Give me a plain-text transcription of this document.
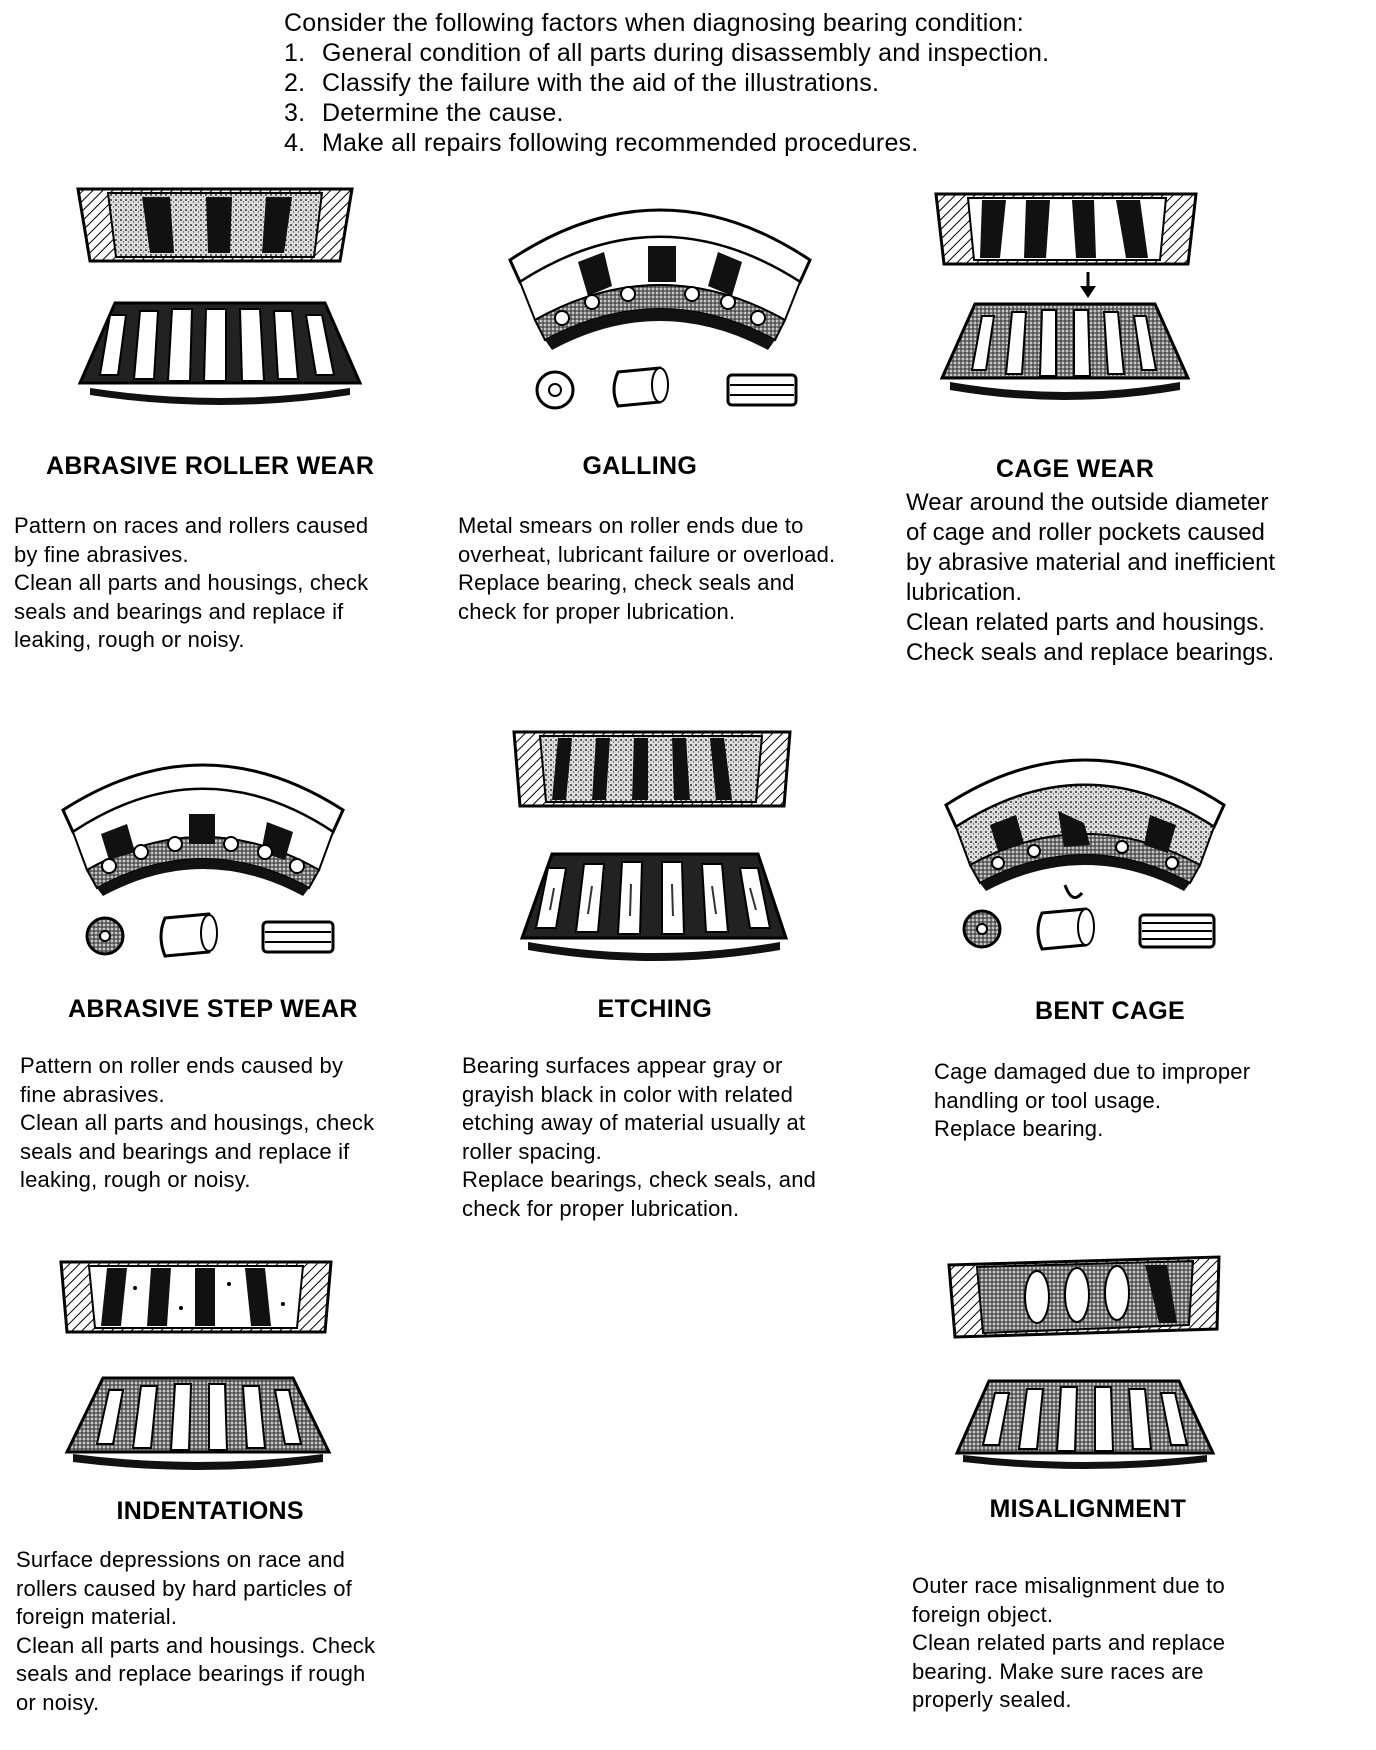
Consider the following factors when diagnosing bearing condition:
1. General condition of all parts during disassembly and inspection.
2. Classify the failure with the aid of the illustrations.
3. Determine the cause.
4. Make all repairs following recommended procedures.
ABRASIVE ROLLER WEAR	GALLING	CAGE WEAR
Pattern on races and rollers caused
by fine abrasives.
Clean all parts and housings, check
seals and bearings and replace if
leaking, rough or noisy.
Metal smears on roller ends due to
overheat, lubricant failure or overload.
Replace bearing, check seals and
check for proper lubrication.
Wear around the outside diameter
of cage and roller pockets caused
by abrasive material and inefficient
lubrication.
Clean related parts and housings.
Check seals and replace bearings.
ABRASIVE STEP WEAR	ETCHING	BENT CAGE
Pattern on roller ends caused by
fine abrasives.
Clean all parts and housings, check
seals and bearings and replace if
leaking, rough or noisy.
Bearing surfaces appear gray or
grayish black in color with related
etching away of material usually at
roller spacing.
Replace bearings, check seals, and
check for proper lubrication.
Cage damaged due to improper
handling or tool usage.
Replace bearing.
INDENTATIONS	MISALIGNMENT
Surface depressions on race and
rollers caused by hard particles of
foreign material.
Clean all parts and housings. Check
seals and replace bearings if rough
or noisy.
Outer race misalignment due to
foreign object.
Clean related parts and replace
bearing. Make sure races are
properly sealed.
